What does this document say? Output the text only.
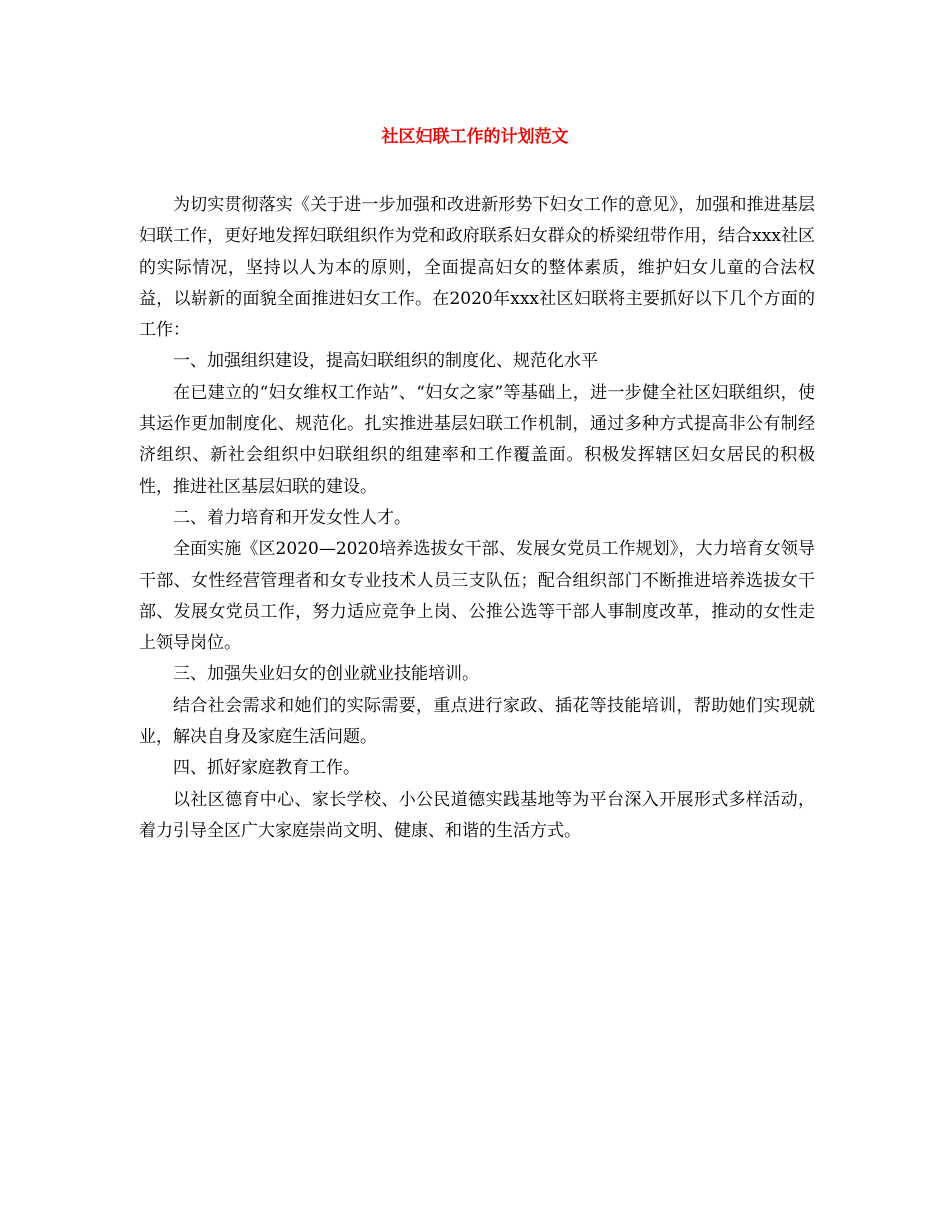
社区妇联工作的计划范文

为切实贯彻落实《关于进一步加强和改进新形势下妇女工作的意见》，加强和推进基层妇联工作，更好地发挥妇联组织作为党和政府联系妇女群众的桥梁纽带作用，结合xxx社区的实际情况，坚持以人为本的原则，全面提高妇女的整体素质，维护妇女儿童的合法权益，以崭新的面貌全面推进妇女工作。在2020年xxx社区妇联将主要抓好以下几个方面的工作：

一、加强组织建设，提高妇联组织的制度化、规范化水平

在已建立的“妇女维权工作站”、“妇女之家”等基础上，进一步健全社区妇联组织，使其运作更加制度化、规范化。扎实推进基层妇联工作机制，通过多种方式提高非公有制经济组织、新社会组织中妇联组织的组建率和工作覆盖面。积极发挥辖区妇女居民的积极性，推进社区基层妇联的建设。

二、着力培育和开发女性人才。

全面实施《区2020—2020培养选拔女干部、发展女党员工作规划》，大力培育女领导干部、女性经营管理者和女专业技术人员三支队伍；配合组织部门不断推进培养选拔女干部、发展女党员工作，努力适应竞争上岗、公推公选等干部人事制度改革，推动的女性走上领导岗位。

三、加强失业妇女的创业就业技能培训。

结合社会需求和她们的实际需要，重点进行家政、插花等技能培训，帮助她们实现就业，解决自身及家庭生活问题。

四、抓好家庭教育工作。

以社区德育中心、家长学校、小公民道德实践基地等为平台深入开展形式多样活动，着力引导全区广大家庭崇尚文明、健康、和谐的生活方式。
